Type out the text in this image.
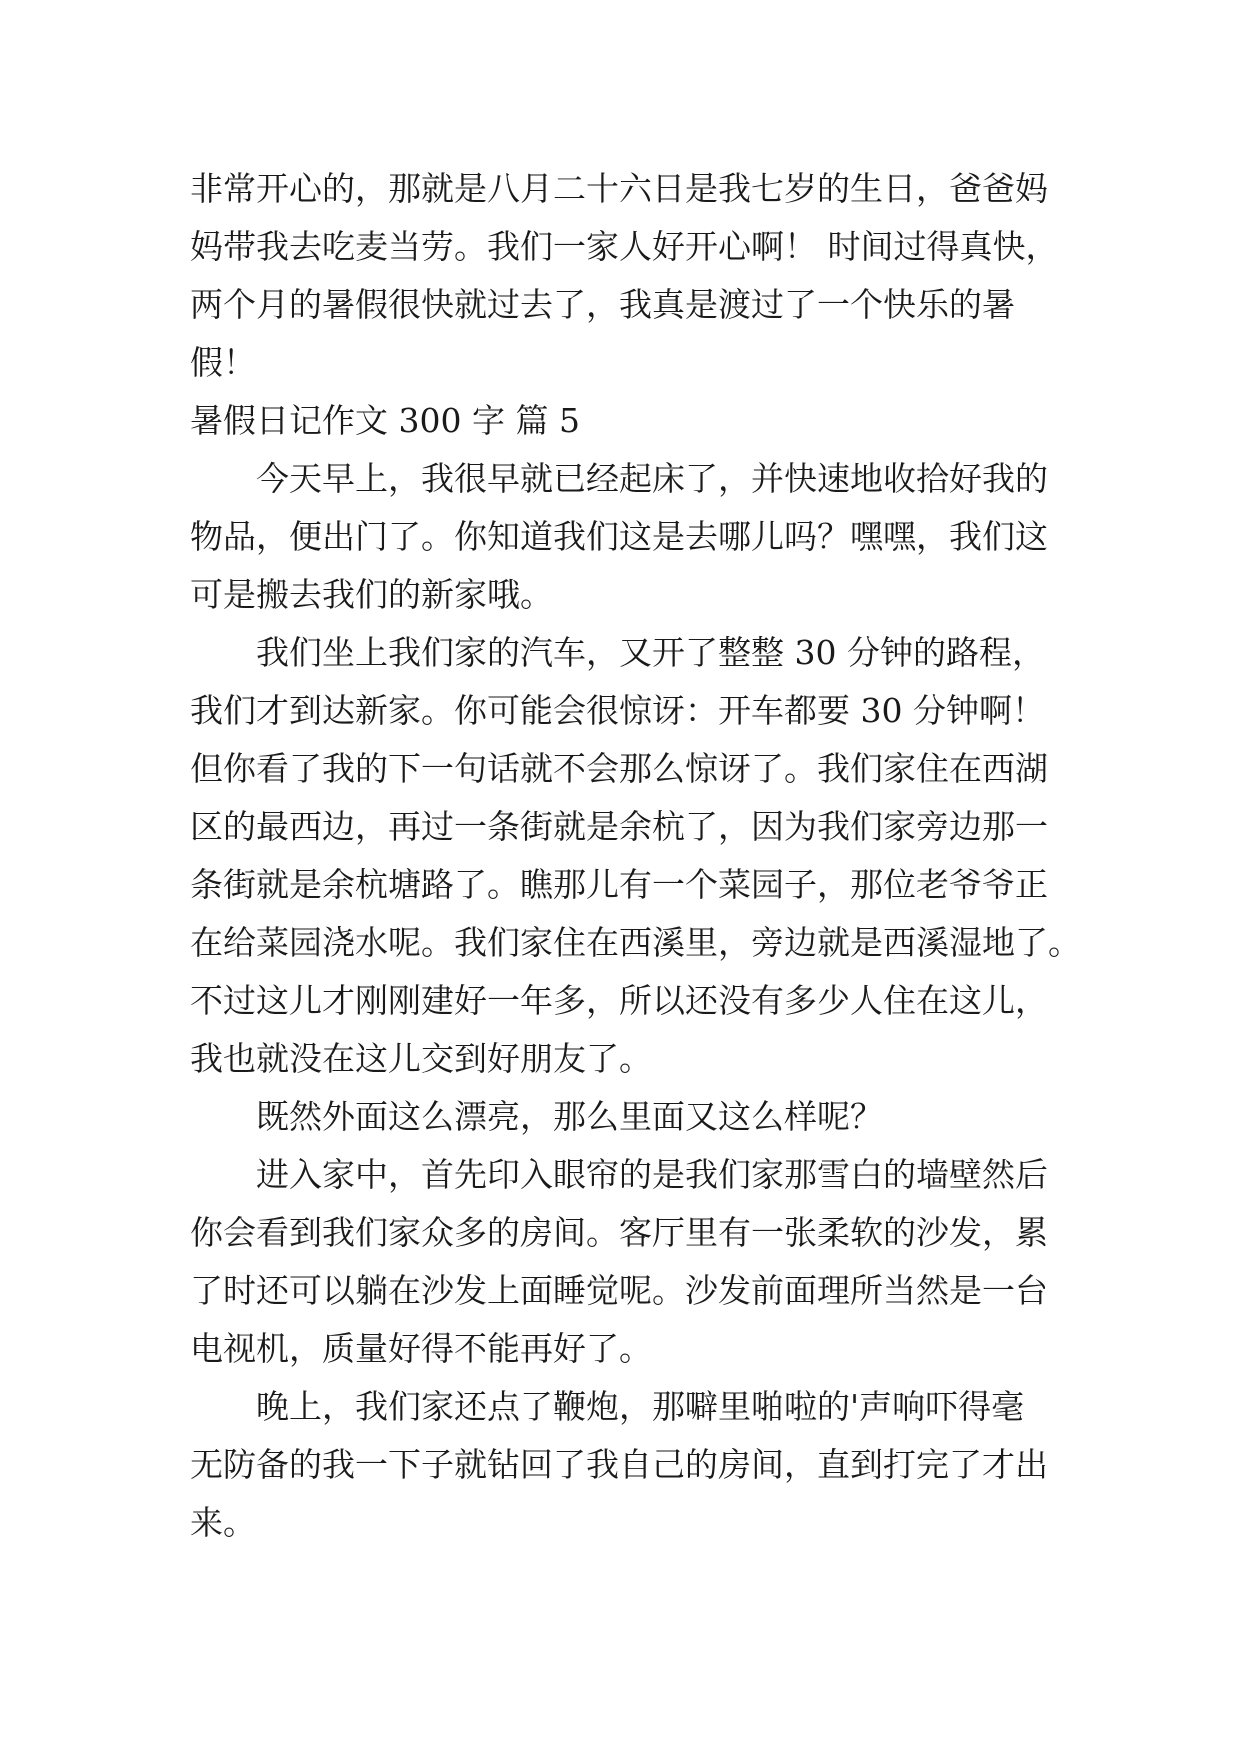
非常开心的，那就是八月二十六日是我七岁的生日，爸爸妈
妈带我去吃麦当劳。我们一家人好开心啊！ 时间过得真快，
两个月的暑假很快就过去了，我真是渡过了一个快乐的暑
假！

暑假日记作文 300 字 篇 5

今天早上，我很早就已经起床了，并快速地收拾好我的
物品，便出门了。你知道我们这是去哪儿吗？嘿嘿，我们这
可是搬去我们的新家哦。

我们坐上我们家的汽车，又开了整整 30 分钟的路程，
我们才到达新家。你可能会很惊讶：开车都要 30 分钟啊！
但你看了我的下一句话就不会那么惊讶了。我们家住在西湖
区的最西边，再过一条街就是余杭了，因为我们家旁边那一
条街就是余杭塘路了。瞧那儿有一个菜园子，那位老爷爷正
在给菜园浇水呢。我们家住在西溪里，旁边就是西溪湿地了。
不过这儿才刚刚建好一年多，所以还没有多少人住在这儿，
我也就没在这儿交到好朋友了。

既然外面这么漂亮，那么里面又这么样呢？

进入家中，首先印入眼帘的是我们家那雪白的墙壁然后
你会看到我们家众多的房间。客厅里有一张柔软的沙发，累
了时还可以躺在沙发上面睡觉呢。沙发前面理所当然是一台
电视机，质量好得不能再好了。

晚上，我们家还点了鞭炮，那噼里啪啦的'声响吓得毫
无防备的我一下子就钻回了我自己的房间，直到打完了才出
来。
